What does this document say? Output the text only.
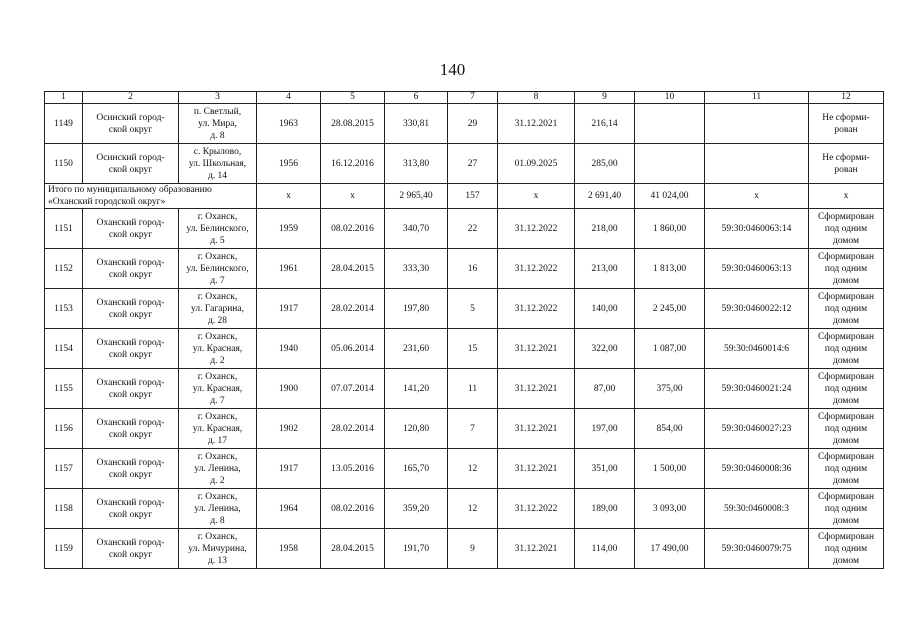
140
1	2	3	4	5	6	7	8	9	10	11	12
1149	Осинский город-
ской округ	п. Светлый,
ул. Мира,
д. 8	1963	28.08.2015	330,81	29	31.12.2021	216,14			Не сформи-
рован

1150	Осинский город-
ской округ	с. Крылово,
ул. Школьная,
д. 14	1956	16.12.2016	313,80	27	01.09.2025	285,00			Не сформи-
рован

Итого по муниципальному образованию
«Оханский городской округ»			х	х	2 965,40	157	х	2 691,40	41 024,00	х	х
1151	Оханский город-
ской округ	г. Оханск,
ул. Белинского,
д. 5	1959	08.02.2016	340,70	22	31.12.2022	218,00	1 860,00	59:30:0460063:14	Сформирован
под одним
домом

1152	Оханский город-
ской округ	г. Оханск,
ул. Белинского,
д. 7	1961	28.04.2015	333,30	16	31.12.2022	213,00	1 813,00	59:30:0460063:13	Сформирован
под одним
домом

1153	Оханский город-
ской округ	г. Оханск,
ул. Гагарина,
д. 28	1917	28.02.2014	197,80	5	31.12.2022	140,00	2 245,00	59:30:0460022:12	Сформирован
под одним
домом

1154	Оханский город-
ской округ	г. Оханск,
ул. Красная,
д. 2	1940	05.06.2014	231,60	15	31.12.2021	322,00	1 087,00	59:30:0460014:6	Сформирован
под одним
домом

1155	Оханский город-
ской округ	г. Оханск,
ул. Красная,
д. 7	1900	07.07.2014	141,20	11	31.12.2021	87,00	375,00	59:30:0460021:24	Сформирован
под одним
домом

1156	Оханский город-
ской округ	г. Оханск,
ул. Красная,
д. 17	1902	28.02.2014	120,80	7	31.12.2021	197,00	854,00	59:30:0460027:23	Сформирован
под одним
домом

1157	Оханский город-
ской округ	г. Оханск,
ул. Ленина,
д. 2	1917	13.05.2016	165,70	12	31.12.2021	351,00	1 500,00	59:30:0460008:36	Сформирован
под одним
домом

1158	Оханский город-
ской округ	г. Оханск,
ул. Ленина,
д. 8	1964	08.02.2016	359,20	12	31.12.2022	189,00	3 093,00	59:30:0460008:3	Сформирован
под одним
домом

1159	Оханский город-
ской округ	г. Оханск,
ул. Мичурина,
д. 13	1958	28.04.2015	191,70	9	31.12.2021	114,00	17 490,00	59:30:0460079:75	Сформирован
под одним
домом
